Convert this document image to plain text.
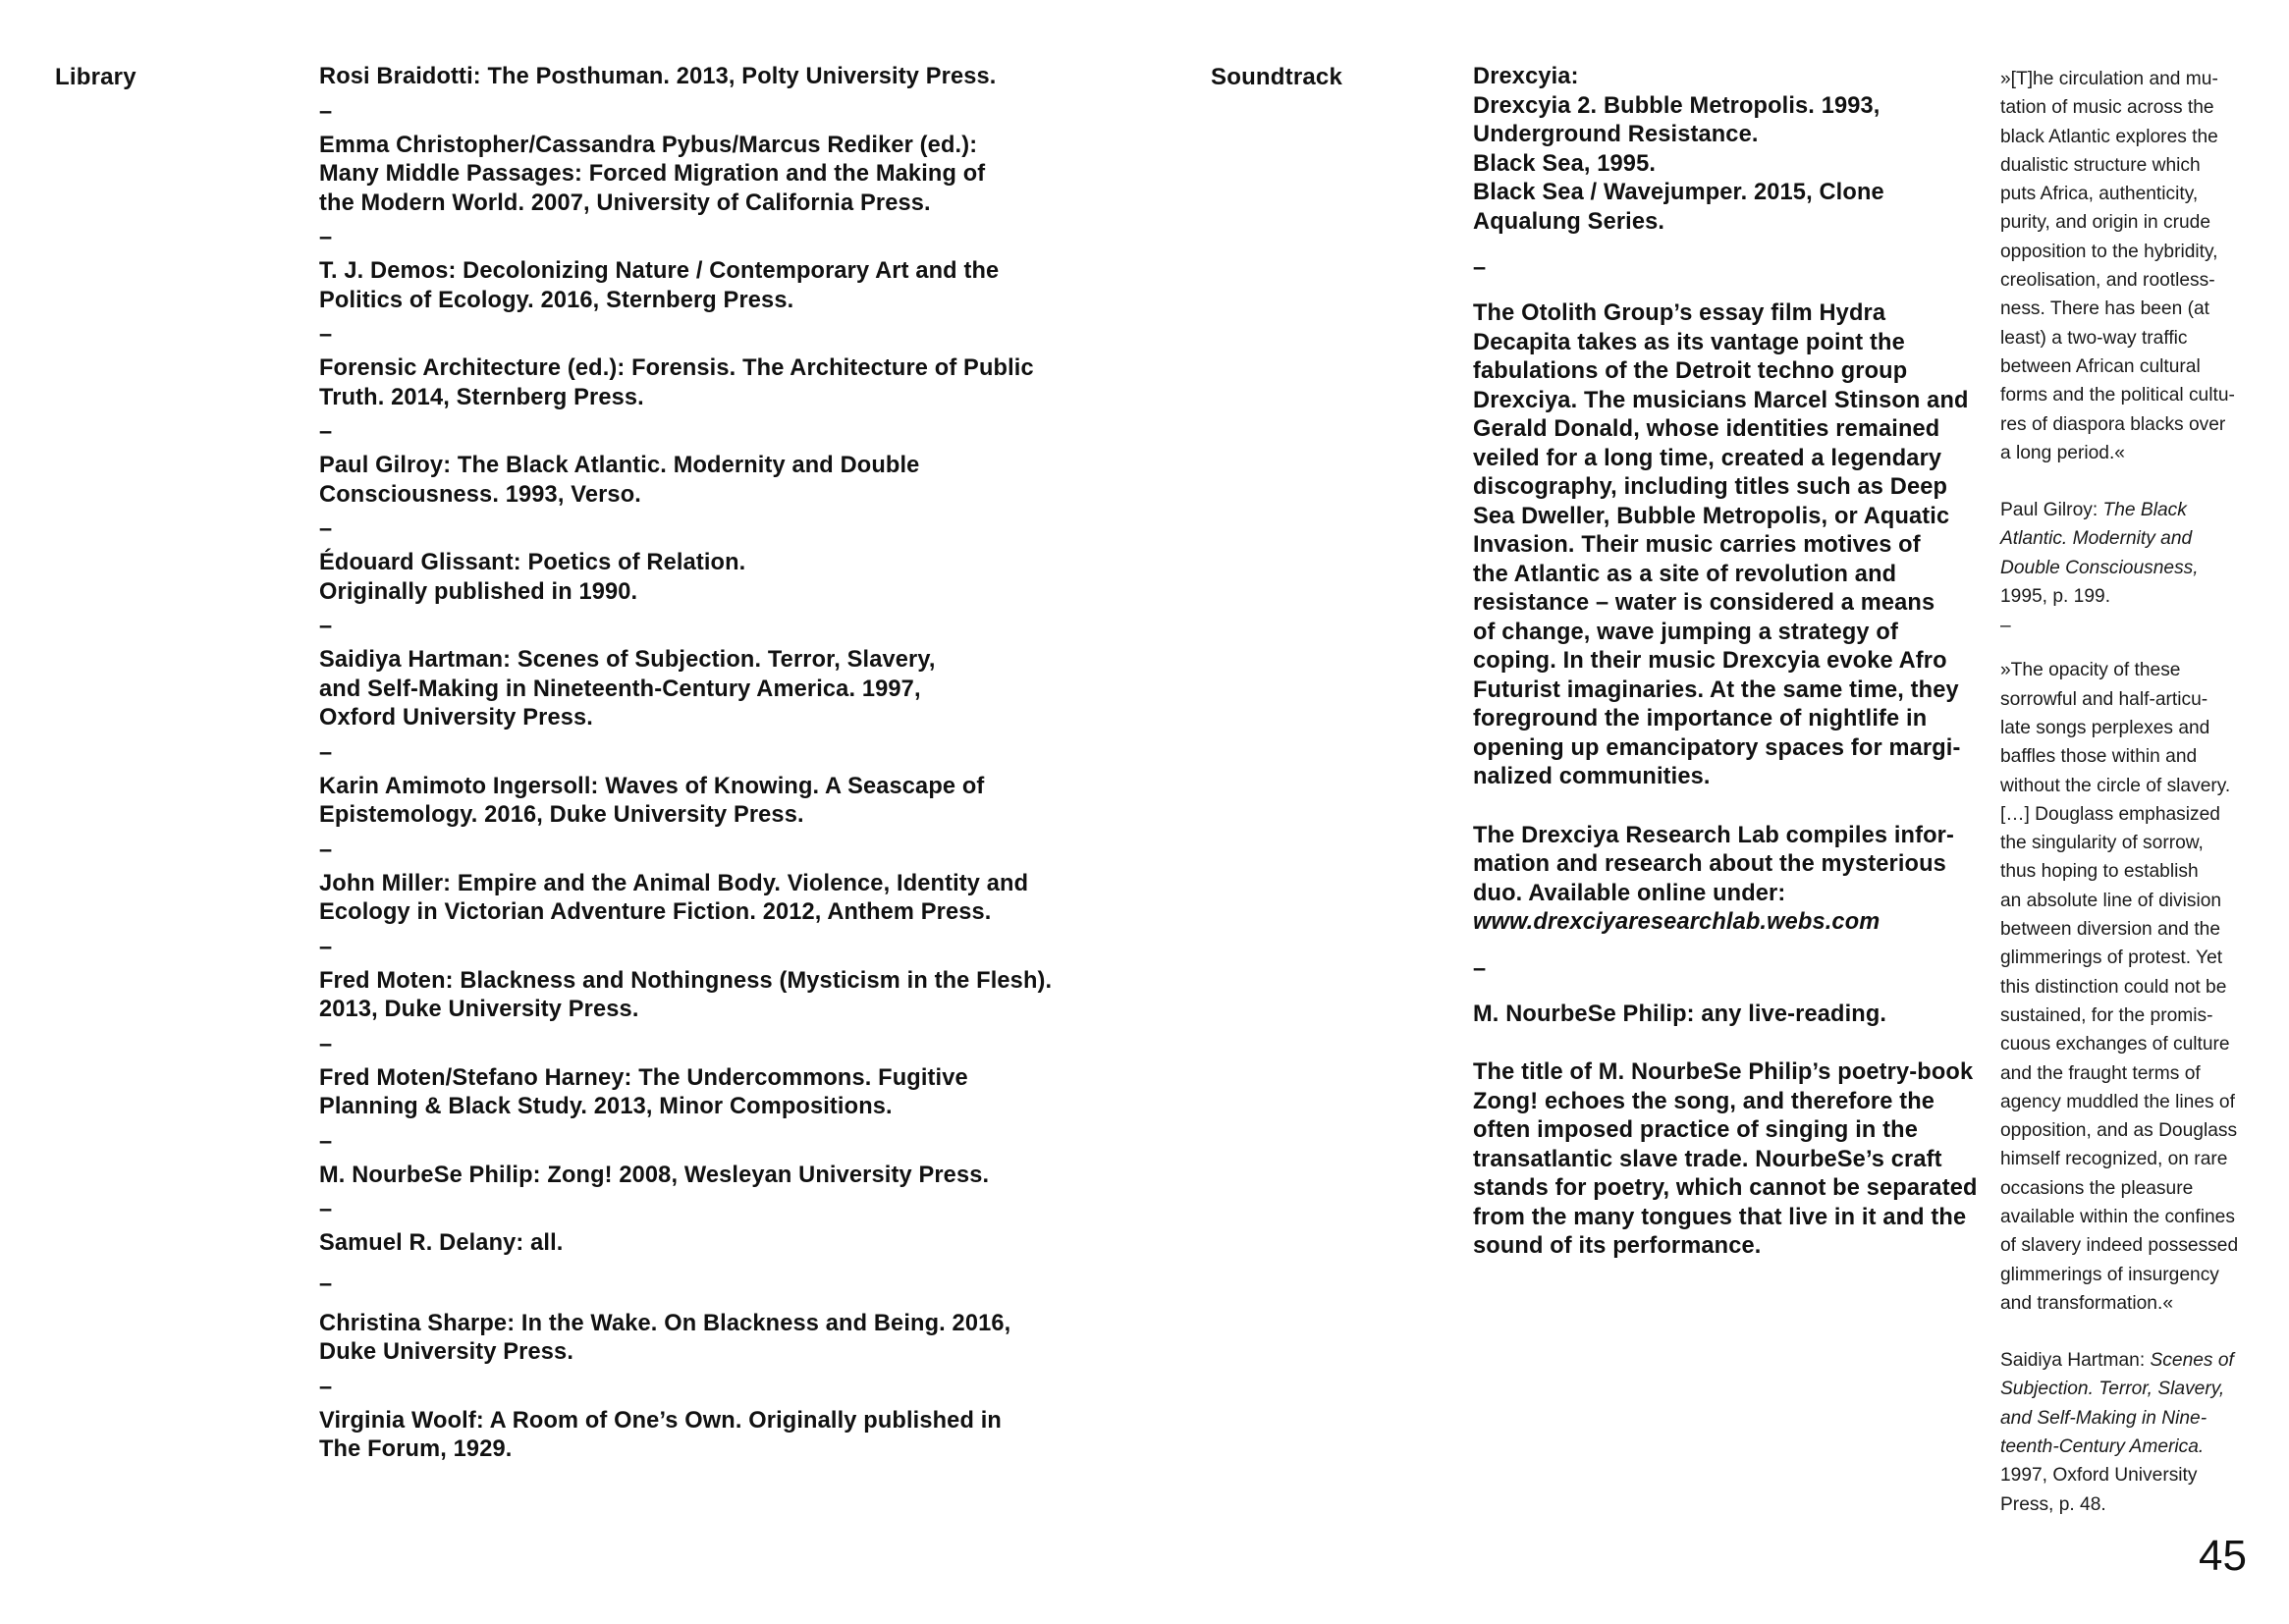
Library	Rosi Braidotti: The Posthuman. 2013, Polty University Press.
–
Emma Christopher/Cassandra Pybus/Marcus Rediker (ed.):
Many Middle Passages: Forced Migration and the Making of
the Modern World. 2007, University of California Press.
–
T. J. Demos: Decolonizing Nature / Contemporary Art and the
Politics of Ecology. 2016, Sternberg Press.
–
Forensic Architecture (ed.): Forensis. The Architecture of Public
Truth. 2014, Sternberg Press.
–
Paul Gilroy: The Black Atlantic. Modernity and Double
Consciousness. 1993, Verso.
–
Édouard Glissant: Poetics of Relation.
Originally published in 1990.
–
Saidiya Hartman: Scenes of Subjection. Terror, Slavery,
and Self-Making in Nineteenth-Century America. 1997,
Oxford University Press.
–
Karin Amimoto Ingersoll: Waves of Knowing. A Seascape of
Epistemology. 2016, Duke University Press.
–
John Miller: Empire and the Animal Body. Violence, Identity and
Ecology in Victorian Adventure Fiction. 2012, Anthem Press.
–
Fred Moten: Blackness and Nothingness (Mysticism in the Flesh).
2013, Duke University Press.
–
Fred Moten/Stefano Harney: The Undercommons. Fugitive
Planning & Black Study. 2013, Minor Compositions.
–
M. NourbeSe Philip: Zong! 2008, Wesleyan University Press.
–
Samuel R. Delany: all.
–
Christina Sharpe: In the Wake. On Blackness and Being. 2016,
Duke University Press.
–
Virginia Woolf: A Room of One’s Own. Originally published in
The Forum, 1929.
Soundtrack	Drexcyia:
Drexcyia 2. Bubble Metropolis. 1993,
Underground Resistance.
Black Sea, 1995.
Black Sea / Wavejumper. 2015, Clone
Aqualung Series.
–
The Otolith Group’s essay film Hydra
Decapita takes as its vantage point the
fabulations of the Detroit techno group
Drexciya. The musicians Marcel Stinson and
Gerald Donald, whose identities remained
veiled for a long time, created a legendary
discography, including titles such as Deep
Sea Dweller, Bubble Metropolis, or Aquatic
Invasion. Their music carries motives of
the Atlantic as a site of revolution and
resistance – water is considered a means
of change, wave jumping a strategy of
coping. In their music Drexcyia evoke Afro
Futurist imaginaries. At the same time, they
foreground the importance of nightlife in
opening up emancipatory spaces for margi-
nalized communities.
The Drexciya Research Lab compiles infor-
mation and research about the mysterious
duo. Available online under:
www.drexciyaresearchlab.webs.com
–
M. NourbeSe Philip: any live-reading.
The title of M. NourbeSe Philip’s poetry-book
Zong! echoes the song, and therefore the
often imposed practice of singing in the
transatlantic slave trade. NourbeSe’s craft
stands for poetry, which cannot be separated
from the many tongues that live in it and the
sound of its performance.
»[T]he circulation and mu-
tation of music across the
black Atlantic explores the
dualistic structure which
puts Africa, authenticity,
purity, and origin in crude
opposition to the hybridity,
creolisation, and rootless-
ness. There has been (at
least) a two-way traffic
between African cultural
forms and the political cultu-
res of diaspora blacks over
a long period.«
Paul Gilroy: The Black
Atlantic. Modernity and
Double Consciousness,
1995, p. 199.
–
»The opacity of these
sorrowful and half-articu-
late songs perplexes and
baffles those within and
without the circle of slavery.
[…] Douglass emphasized
the singularity of sorrow,
thus hoping to establish
an absolute line of division
between diversion and the
glimmerings of protest. Yet
this distinction could not be
sustained, for the promis-
cuous exchanges of culture
and the fraught terms of
agency muddled the lines of
opposition, and as Douglass
himself recognized, on rare
occasions the pleasure
available within the confines
of slavery indeed possessed
glimmerings of insurgency
and transformation.«
Saidiya Hartman: Scenes of
Subjection. Terror, Slavery,
and Self-Making in Nine-
teenth-Century America.
1997, Oxford University
Press, p. 48.
45
